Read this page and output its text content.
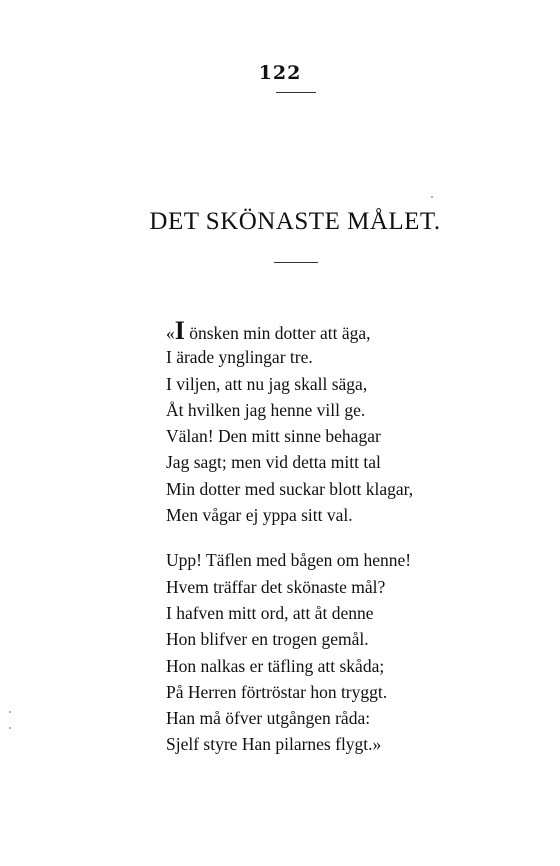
122
DET SKÖNASTE MÅLET.
«I önsken min dotter att äga,
I ärade ynglingar tre.
I viljen, att nu jag skall säga,
Åt hvilken jag henne vill ge.
Välan! Den mitt sinne behagar
Jag sagt; men vid detta mitt tal
Min dotter med suckar blott klagar,
Men vågar ej yppa sitt val.
Upp! Täflen med bågen om henne!
Hvem träffar det skönaste mål?
I hafven mitt ord, att åt denne
Hon blifver en trogen gemål.
Hon nalkas er täfling att skåda;
På Herren förtröstar hon tryggt.
Han må öfver utgången råda:
Sjelf styre Han pilarnes flygt.»
